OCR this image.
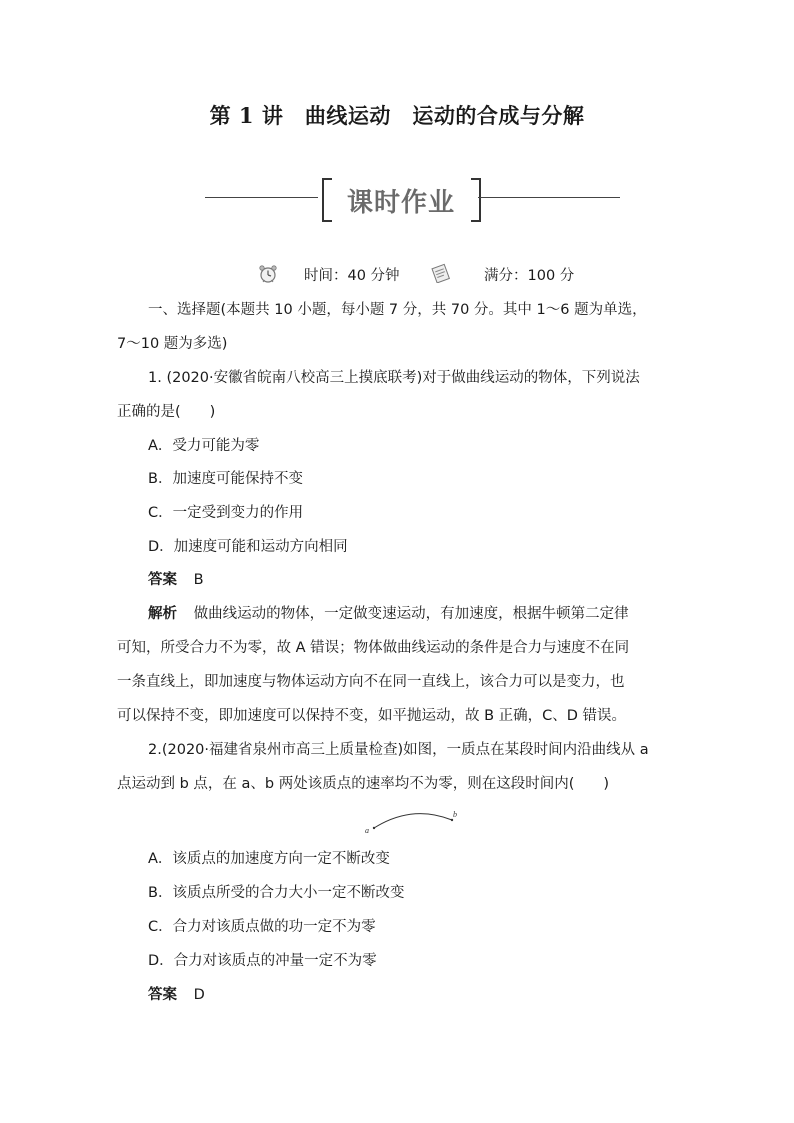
第 1 讲　曲线运动　运动的合成与分解
课时作业
时间：40 分钟	满分：100 分
一、选择题(本题共 10 小题，每小题 7 分，共 70 分。其中 1～6 题为单选，
7～10 题为多选)
1. (2020·安徽省皖南八校高三上摸底联考)对于做曲线运动的物体，下列说法
正确的是(　　)
A．受力可能为零
B．加速度可能保持不变
C．一定受到变力的作用
D．加速度可能和运动方向相同
答案 B
解析 做曲线运动的物体，一定做变速运动，有加速度，根据牛顿第二定律
可知，所受合力不为零，故 A 错误；物体做曲线运动的条件是合力与速度不在同
一条直线上，即加速度与物体运动方向不在同一直线上，该合力可以是变力，也
可以保持不变，即加速度可以保持不变，如平抛运动，故 B 正确，C、D 错误。
2.(2020·福建省泉州市高三上质量检查)如图，一质点在某段时间内沿曲线从 a
点运动到 b 点，在 a、b 两处该质点的速率均不为零，则在这段时间内(　　)
a
b
A．该质点的加速度方向一定不断改变
B．该质点所受的合力大小一定不断改变
C．合力对该质点做的功一定不为零
D．合力对该质点的冲量一定不为零
答案 D
